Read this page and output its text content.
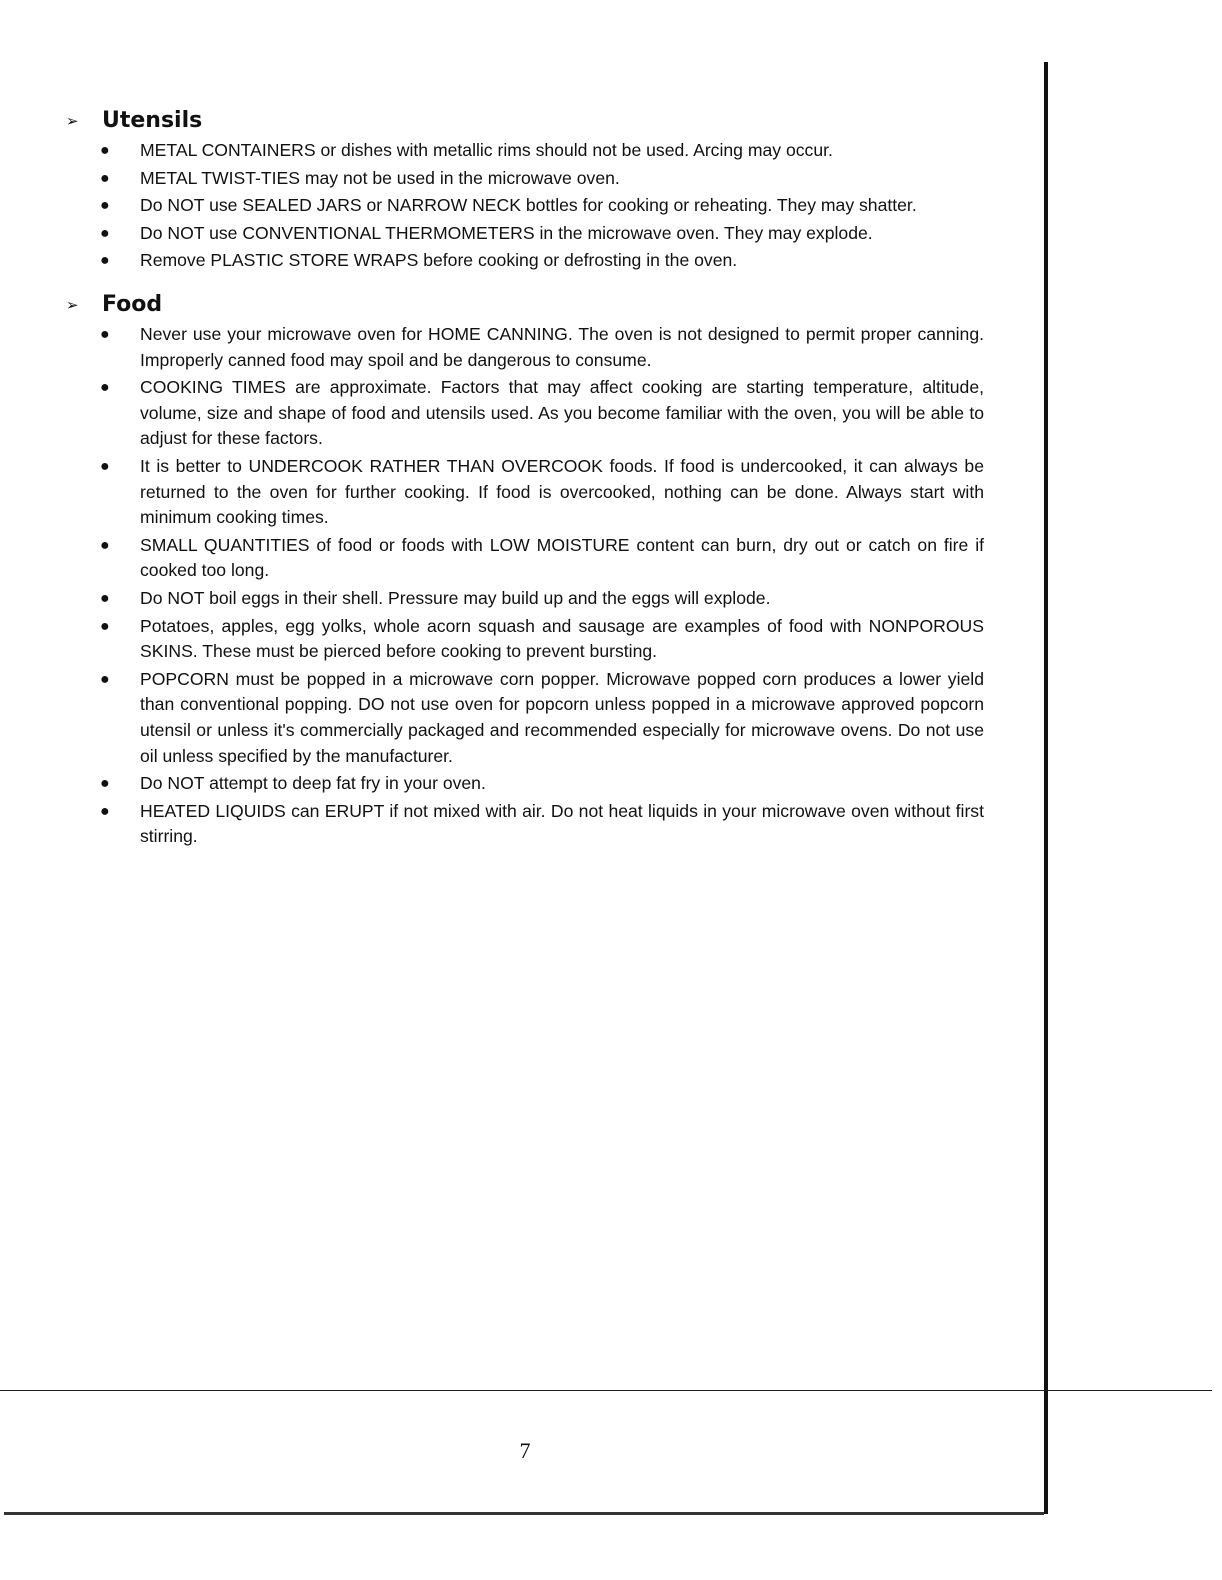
➢	Utensils
● METAL CONTAINERS or dishes with metallic rims should not be used. Arcing may occur.
● METAL TWIST-TIES may not be used in the microwave oven.
● Do NOT use SEALED JARS or NARROW NECK bottles for cooking or reheating. They may shatter.
● Do NOT use CONVENTIONAL THERMOMETERS in the microwave oven. They may explode.
● Remove PLASTIC STORE WRAPS before cooking or defrosting in the oven.
➢	Food
● Never use your microwave oven for HOME CANNING. The oven is not designed to permit proper canning. Improperly canned food may spoil and be dangerous to consume.
● COOKING TIMES are approximate. Factors that may affect cooking are starting temperature, altitude, volume, size and shape of food and utensils used. As you become familiar with the oven, you will be able to adjust for these factors.
● It is better to UNDERCOOK RATHER THAN OVERCOOK foods. If food is undercooked, it can always be returned to the oven for further cooking. If food is overcooked, nothing can be done. Always start with minimum cooking times.
● SMALL QUANTITIES of food or foods with LOW MOISTURE content can burn, dry out or catch on fire if cooked too long.
● Do NOT boil eggs in their shell. Pressure may build up and the eggs will explode.
● Potatoes, apples, egg yolks, whole acorn squash and sausage are examples of food with NONPOROUS SKINS. These must be pierced before cooking to prevent bursting.
● POPCORN must be popped in a microwave corn popper. Microwave popped corn produces a lower yield than conventional popping. DO not use oven for popcorn unless popped in a microwave approved popcorn utensil or unless it's commercially packaged and recommended especially for microwave ovens. Do not use oil unless specified by the manufacturer.
● Do NOT attempt to deep fat fry in your oven.
● HEATED LIQUIDS can ERUPT if not mixed with air. Do not heat liquids in your microwave oven without first stirring.
7
